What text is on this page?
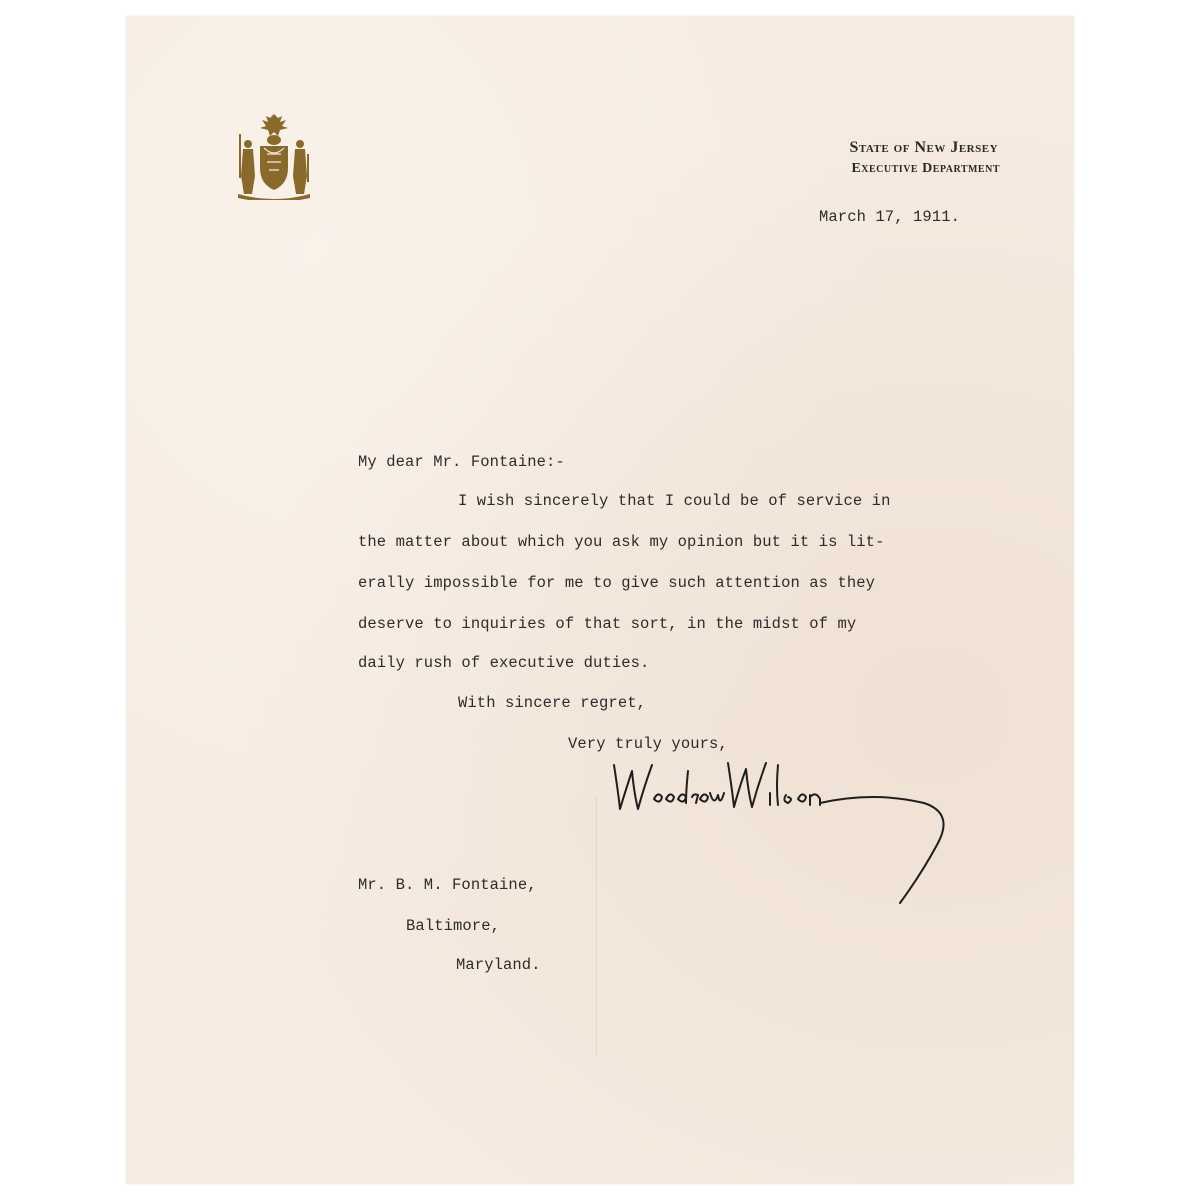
State of New Jersey
Executive Department
March 17, 1911.
My dear Mr. Fontaine:-
I wish sincerely that I could be of service in
the matter about which you ask my opinion but it is lit-
erally impossible for me to give such attention as they
deserve to inquiries of that sort, in the midst of my
daily rush of executive duties.
With sincere regret,
Very truly yours,
Mr. B. M. Fontaine,
Baltimore,
Maryland.
